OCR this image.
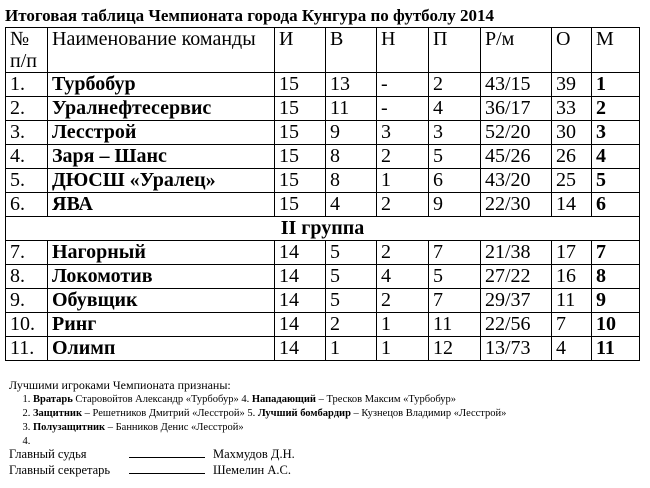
Итоговая таблица Чемпионата города Кунгура по футболу 2014
№ п/п	Наименование команды	И	В	Н	П	Р/м	О	М
1.	Турбобур	15	13	-	2	43/15	39	1
2.	Уралнефтесервис	15	11	-	4	36/17	33	2
3.	Лесстрой	15	9	3	3	52/20	30	3
4.	Заря – Шанс	15	8	2	5	45/26	26	4
5.	ДЮСШ «Уралец»	15	8	1	6	43/20	25	5
6.	ЯВА	15	4	2	9	22/30	14	6
II группа								
7.	Нагорный	14	5	2	7	21/38	17	7
8.	Локомотив	14	5	4	5	27/22	16	8
9.	Обувщик	14	5	2	7	29/37	11	9
10.	Ринг	14	2	1	11	22/56	7	10
11.	Олимп	14	1	1	12	13/73	4	11
Лучшими игроками Чемпионата признаны:
1. Вратарь Старовойтов Александр «Турбобур» 4. Нападающий – Тресков Максим «Турбобур»
2. Защитник – Решетников Дмитрий «Лесстрой» 5. Лучший бомбардир – Кузнецов Владимир «Лесстрой»
3. Полузащитник – Банников Денис «Лесстрой»
4.
Главный судья	Махмудов Д.Н.
Главный секретарь	Шемелин А.С.
